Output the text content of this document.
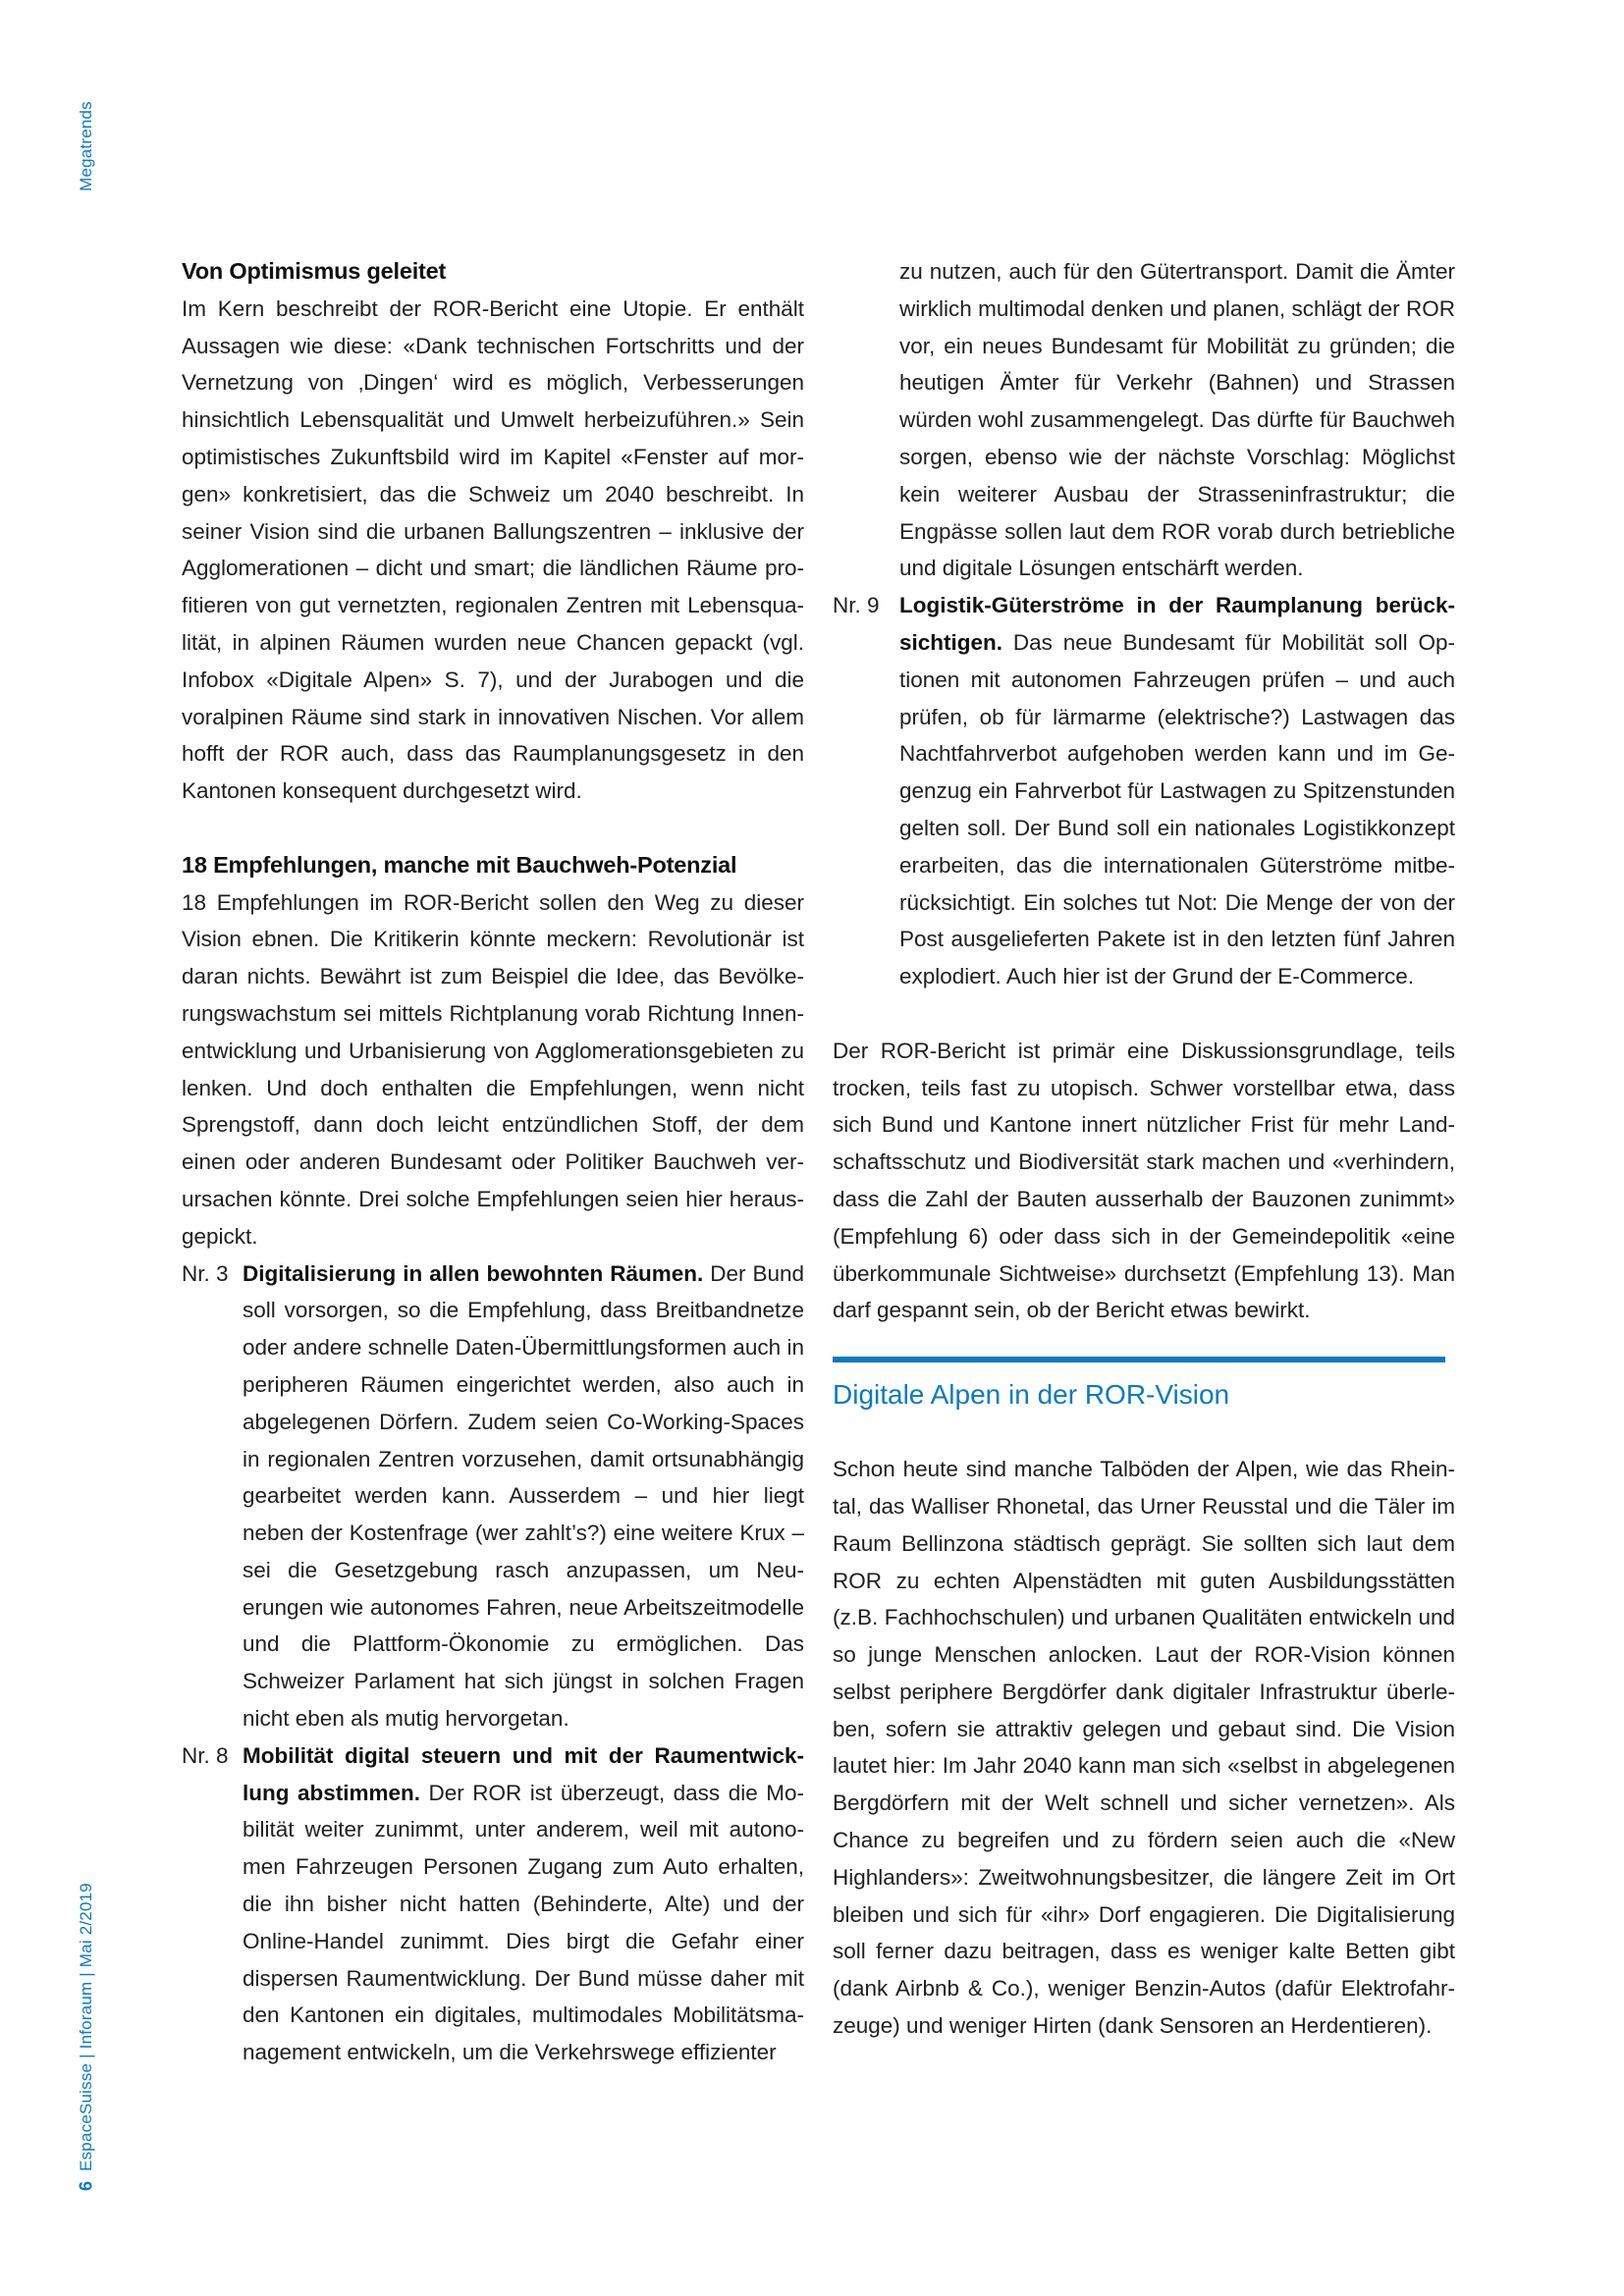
Megatrends
EspaceSuisse | Inforaum | Mai 2/2019
6
Von Optimismus geleitet

Im Kern beschreibt der ROR-Bericht eine Utopie. Er enthält Aussagen wie diese: «Dank technischen Fortschritts und der Vernetzung von ‚Dingen‘ wird es möglich, Verbesserungen hinsichtlich Lebensqualität und Umwelt herbeizuführen.» Sein optimistisches Zukunftsbild wird im Kapitel «Fenster auf morgen» konkretisiert, das die Schweiz um 2040 beschreibt. In seiner Vision sind die urbanen Ballungszentren – inklusive der Agglomerationen – dicht und smart; die ländlichen Räume profitieren von gut vernetzten, regionalen Zentren mit Lebensqualität, in alpinen Räumen wurden neue Chancen gepackt (vgl. Infobox «Digitale Alpen» S. 7), und der Jurabogen und die voralpinen Räume sind stark in innovativen Nischen. Vor allem hofft der ROR auch, dass das Raumplanungsgesetz in den Kantonen konsequent durchgesetzt wird.

18 Empfehlungen, manche mit Bauchweh-Potenzial

18 Empfehlungen im ROR-Bericht sollen den Weg zu dieser Vision ebnen. Die Kritikerin könnte meckern: Revolutionär ist daran nichts. Bewährt ist zum Beispiel die Idee, das Bevölkerungswachstum sei mittels Richtplanung vorab Richtung Innenentwicklung und Urbanisierung von Agglomerationsgebieten zu lenken. Und doch enthalten die Empfehlungen, wenn nicht Sprengstoff, dann doch leicht entzündlichen Stoff, der dem einen oder anderen Bundesamt oder Politiker Bauchweh verursachen könnte. Drei solche Empfehlungen seien hier herausgepickt.

Nr. 3 Digitalisierung in allen bewohnten Räumen. Der Bund soll vorsorgen, so die Empfehlung, dass Breitbandnetze oder andere schnelle Daten-Übermittlungsformen auch in peripheren Räumen eingerichtet werden, also auch in abgelegenen Dörfern. Zudem seien Co-Working-Spaces in regionalen Zentren vorzusehen, damit ortsunabhängig gearbeitet werden kann. Ausserdem – und hier liegt neben der Kostenfrage (wer zahlt’s?) eine weitere Krux – sei die Gesetzgebung rasch anzupassen, um Neuerungen wie autonomes Fahren, neue Arbeitszeitmodelle und die Plattform-Ökonomie zu ermöglichen. Das Schweizer Parlament hat sich jüngst in solchen Fragen nicht eben als mutig hervorgetan.

Nr. 8 Mobilität digital steuern und mit der Raumentwicklung abstimmen. Der ROR ist überzeugt, dass die Mobilität weiter zunimmt, unter anderem, weil mit autonomen Fahrzeugen Personen Zugang zum Auto erhalten, die ihn bisher nicht hatten (Behinderte, Alte) und der Online-Handel zunimmt. Dies birgt die Gefahr einer dispersen Raumentwicklung. Der Bund müsse daher mit den Kantonen ein digitales, multimodales Mobilitätsmanagement entwickeln, um die Verkehrswege effizienter

zu nutzen, auch für den Gütertransport. Damit die Ämter wirklich multimodal denken und planen, schlägt der ROR vor, ein neues Bundesamt für Mobilität zu gründen; die heutigen Ämter für Verkehr (Bahnen) und Strassen würden wohl zusammengelegt. Das dürfte für Bauchweh sorgen, ebenso wie der nächste Vorschlag: Möglichst kein weiterer Ausbau der Strasseninfrastruktur; die Engpässe sollen laut dem ROR vorab durch betriebliche und digitale Lösungen entschärft werden.

Nr. 9 Logistik-Güterströme in der Raumplanung berücksichtigen. Das neue Bundesamt für Mobilität soll Optionen mit autonomen Fahrzeugen prüfen – und auch prüfen, ob für lärmarme (elektrische?) Lastwagen das Nachtfahrverbot aufgehoben werden kann und im Gegenzug ein Fahrverbot für Lastwagen zu Spitzenstunden gelten soll. Der Bund soll ein nationales Logistikkonzept erarbeiten, das die internationalen Güterströme mitberücksichtigt. Ein solches tut Not: Die Menge der von der Post ausgelieferten Pakete ist in den letzten fünf Jahren explodiert. Auch hier ist der Grund der E-Commerce.

Der ROR-Bericht ist primär eine Diskussionsgrundlage, teils trocken, teils fast zu utopisch. Schwer vorstellbar etwa, dass sich Bund und Kantone innert nützlicher Frist für mehr Landschaftsschutz und Biodiversität stark machen und «verhindern, dass die Zahl der Bauten ausserhalb der Bauzonen zunimmt» (Empfehlung 6) oder dass sich in der Gemeindepolitik «eine überkommunale Sichtweise» durchsetzt (Empfehlung 13). Man darf gespannt sein, ob der Bericht etwas bewirkt.

Digitale Alpen in der ROR-Vision

Schon heute sind manche Talböden der Alpen, wie das Rheintal, das Walliser Rhonetal, das Urner Reusstal und die Täler im Raum Bellinzona städtisch geprägt. Sie sollten sich laut dem ROR zu echten Alpenstädten mit guten Ausbildungsstätten (z.B. Fachhochschulen) und urbanen Qualitäten entwickeln und so junge Menschen anlocken. Laut der ROR-Vision können selbst periphere Bergdörfer dank digitaler Infrastruktur überleben, sofern sie attraktiv gelegen und gebaut sind. Die Vision lautet hier: Im Jahr 2040 kann man sich «selbst in abgelegenen Bergdörfern mit der Welt schnell und sicher vernetzen». Als Chance zu begreifen und zu fördern seien auch die «New Highlanders»: Zweitwohnungsbesitzer, die längere Zeit im Ort bleiben und sich für «ihr» Dorf engagieren. Die Digitalisierung soll ferner dazu beitragen, dass es weniger kalte Betten gibt (dank Airbnb & Co.), weniger Benzin-Autos (dafür Elektrofahrzeuge) und weniger Hirten (dank Sensoren an Herdentieren).
